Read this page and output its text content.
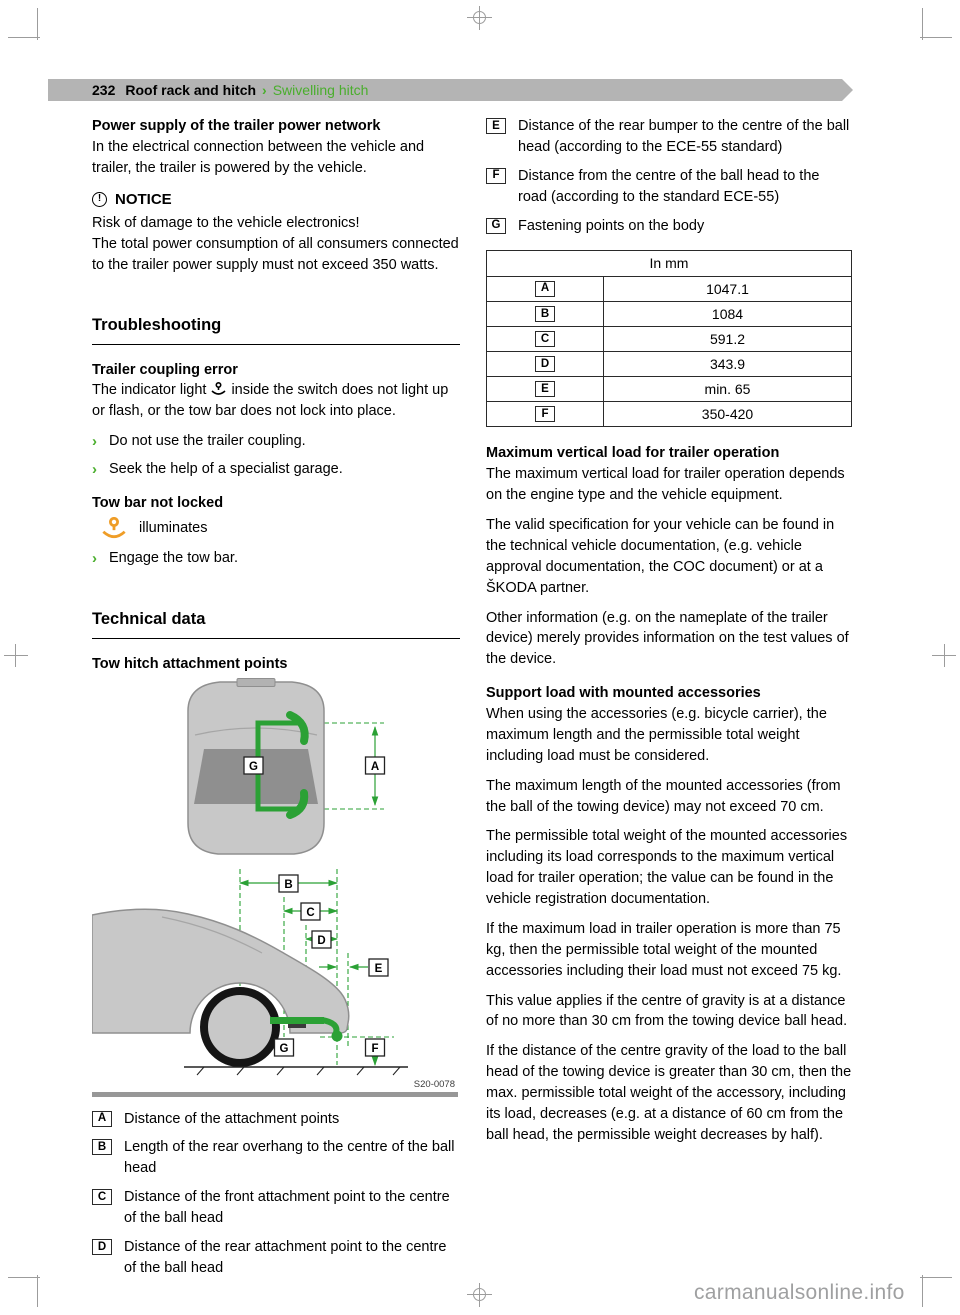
232 Roof rack and hitch › Swivelling hitch

Power supply of the trailer power network

In the electrical connection between the vehicle and trailer, the trailer is powered by the vehicle.

! NOTICE

Risk of damage to the vehicle electronics!

The total power consumption of all consumers connected to the trailer power supply must not exceed 350 watts.

Troubleshooting

Trailer coupling error

The indicator light inside the switch does not light up or flash, or the tow bar does not lock into place.

› Do not use the trailer coupling.
› Seek the help of a specialist garage.

Tow bar not locked

illuminates
› Engage the tow bar.
Technical data

Tow hitch attachment points

G	A
B
C
D
E
G	F
S20-0078
A	Distance of the attachment points
B	Length of the rear overhang to the centre of the ball head
C	Distance of the front attachment point to the centre of the ball head
D	Distance of the rear attachment point to the centre of the ball head
E	Distance of the rear bumper to the centre of the ball head (according to the ECE-55 standard)
F	Distance from the centre of the ball head to the road (according to the standard ECE-55)
G	Fastening points on the body
In mm	

A	1047.1

B	1084

C	591.2

D	343.9

E	min. 65

F	350-420

Maximum vertical load for trailer operation

The maximum vertical load for trailer operation depends on the engine type and the vehicle equipment.

The valid specification for your vehicle can be found in the technical vehicle documentation, (e.g. vehicle approval documentation, the COC document) or at a ŠKODA partner.

Other information (e.g. on the nameplate of the trailer device) merely provides information on the test values of the device.

Support load with mounted accessories

When using the accessories (e.g. bicycle carrier), the maximum length and the permissible total weight including load must be considered.

The maximum length of the mounted accessories (from the ball of the towing device) may not exceed 70 cm.

The permissible total weight of the mounted accessories including its load corresponds to the maximum vertical load for trailer operation; the value can be found in the vehicle registration documentation.

If the maximum load in trailer operation is more than 75 kg, then the permissible total weight of the mounted accessories including their load must not exceed 75 kg.

This value applies if the centre of gravity is at a distance of no more than 30 cm from the towing device ball head.

If the distance of the centre gravity of the load to the ball head of the towing device is greater than 30 cm, then the max. permissible total weight of the accessory, including its load, decreases (e.g. at a distance of 60 cm from the ball head, the permissible weight decreases by half).

carmanualsonline.info
